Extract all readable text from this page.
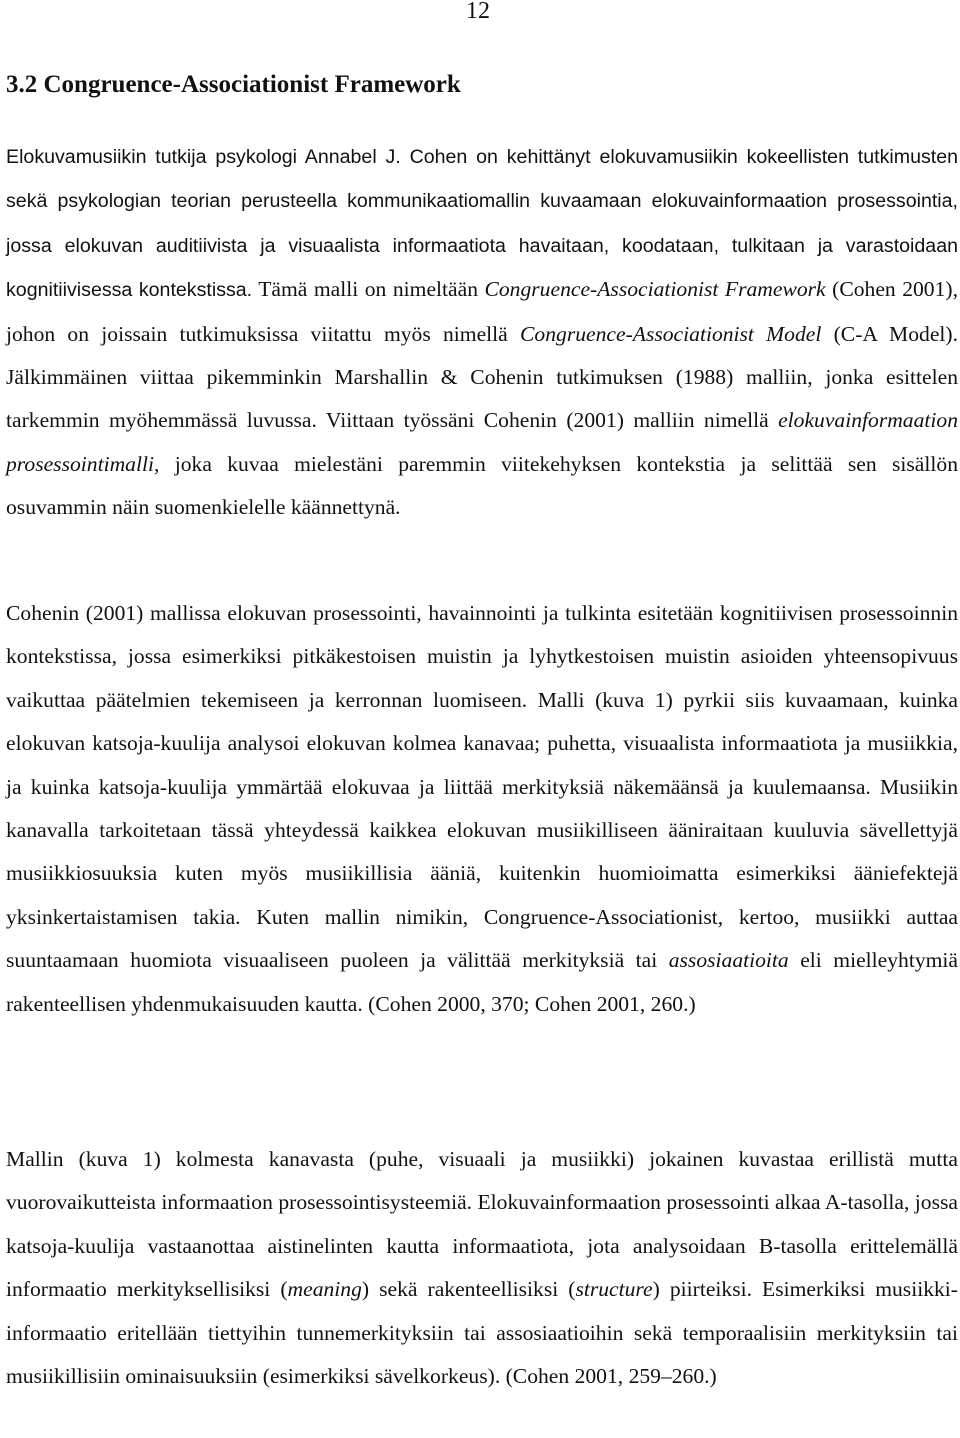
12
3.2 Congruence-Associationist Framework

Elokuvamusiikin tutkija psykologi Annabel J. Cohen on kehittänyt elokuvamusiikin kokeellisten tutkimusten sekä psykologian teorian perusteella kommunikaatiomallin kuvaamaan elokuvainformaation prosessointia, jossa elokuvan auditiivista ja visuaalista informaatiota havaitaan, koodataan, tulkitaan ja varastoidaan kognitiivisessa kontekstissa. Tämä malli on nimeltään Congruence-Associationist Framework (Cohen 2001), johon on joissain tutkimuksissa viitattu myös nimellä Congruence-Associationist Model (C-A Model). Jälkimmäinen viittaa pikemminkin Marshallin & Cohenin tutkimuksen (1988) malliin, jonka esittelen tarkemmin myöhemmässä luvussa. Viittaan työssäni Cohenin (2001) malliin nimellä elokuvainformaation prosessointimalli, joka kuvaa mielestäni paremmin viitekehyksen kontekstia ja selittää sen sisällön osuvammin näin suomenkielelle käännettynä.

Cohenin (2001) mallissa elokuvan prosessointi, havainnointi ja tulkinta esitetään kognitiivisen prosessoinnin kontekstissa, jossa esimerkiksi pitkäkestoisen muistin ja lyhytkestoisen muistin asioiden yhteensopivuus vaikuttaa päätelmien tekemiseen ja kerronnan luomiseen. Malli (kuva 1) pyrkii siis kuvaamaan, kuinka elokuvan katsoja-kuulija analysoi elokuvan kolmea kanavaa; puhetta, visuaalista informaatiota ja musiikkia, ja kuinka katsoja-kuulija ymmärtää elokuvaa ja liittää merkityksiä näkemäänsä ja kuulemaansa. Musiikin kanavalla tarkoitetaan tässä yhteydessä kaikkea elokuvan musiikilliseen ääniraitaan kuuluvia sävellettyjä musiikkiosuuksia kuten myös musiikillisia ääniä, kuitenkin huomioimatta esimerkiksi ääniefektejä yksinkertaistamisen takia. Kuten mallin nimikin, Congruence-Associationist, kertoo, musiikki auttaa suuntaamaan huomiota visuaaliseen puoleen ja välittää merkityksiä tai assosiaatioita eli mielleyhtymiä rakenteellisen yhdenmukaisuuden kautta. (Cohen 2000, 370; Cohen 2001, 260.)

Mallin (kuva 1) kolmesta kanavasta (puhe, visuaali ja musiikki) jokainen kuvastaa erillistä mutta vuorovaikutteista informaation prosessointisysteemiä. Elokuvainformaation prosessointi alkaa A-tasolla, jossa katsoja-kuulija vastaanottaa aistinelinten kautta informaatiota, jota analysoidaan B-tasolla erittelemällä informaatio merkityksellisiksi (meaning) sekä rakenteellisiksi (structure) piirteiksi. Esimerkiksi musiikki-informaatio eritellään tiettyihin tunnemerkityksiin tai assosiaatioihin sekä temporaalisiin merkityksiin tai musiikillisiin ominaisuuksiin (esimerkiksi sävelkorkeus). (Cohen 2001, 259–260.)
